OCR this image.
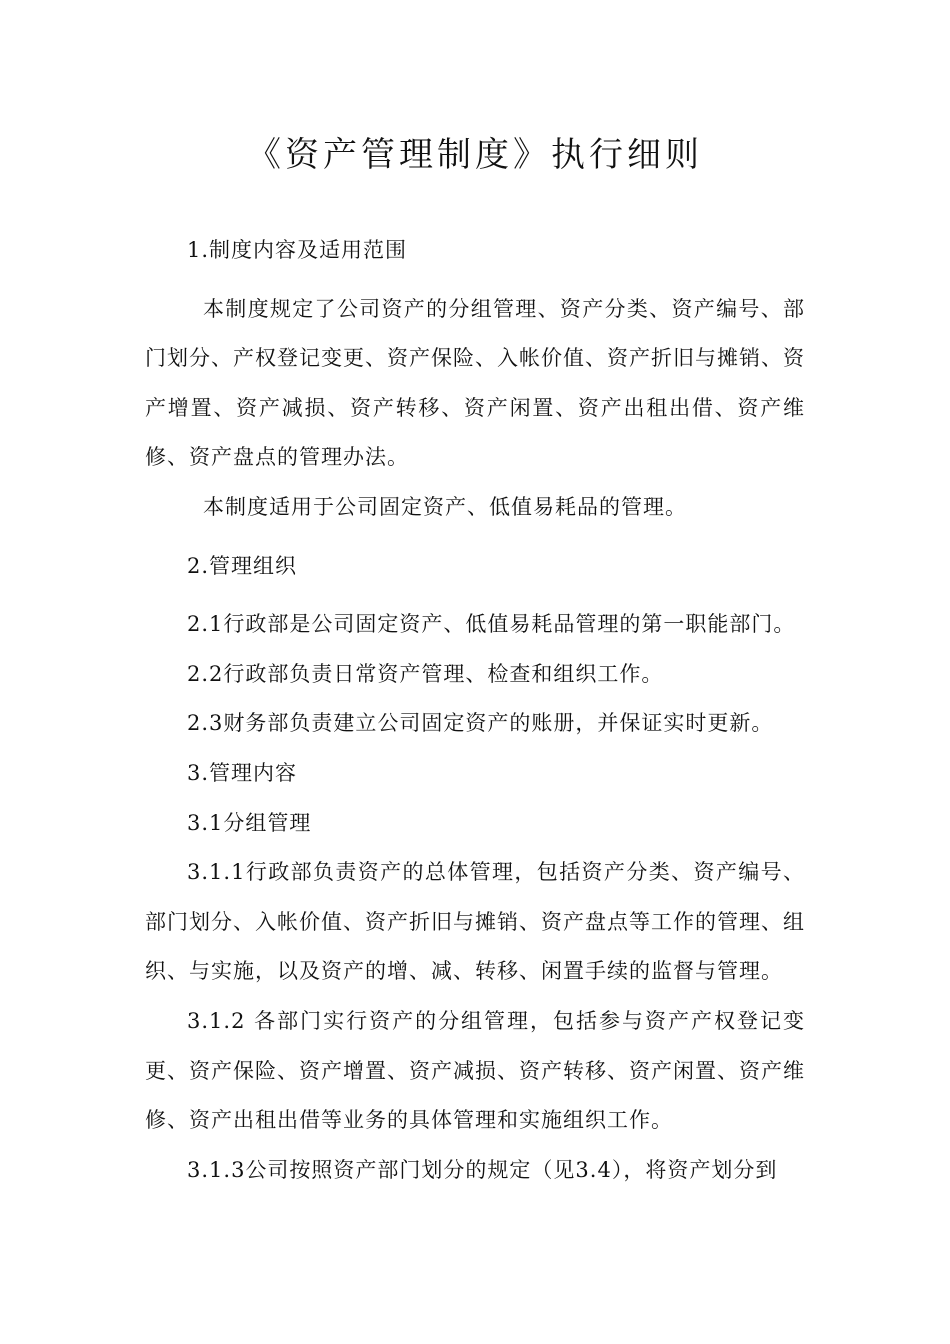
《资产管理制度》执行细则

1.制度内容及适用范围

本制度规定了公司资产的分组管理、资产分类、资产编号、部门划分、产权登记变更、资产保险、入帐价值、资产折旧与摊销、资产增置、资产减损、资产转移、资产闲置、资产出租出借、资产维修、资产盘点的管理办法。

本制度适用于公司固定资产、低值易耗品的管理。

2.管理组织

2.1行政部是公司固定资产、低值易耗品管理的第一职能部门。

2.2行政部负责日常资产管理、检查和组织工作。

2.3财务部负责建立公司固定资产的账册，并保证实时更新。

3.管理内容

3.1分组管理

3.1.1行政部负责资产的总体管理，包括资产分类、资产编号、部门划分、入帐价值、资产折旧与摊销、资产盘点等工作的管理、组织、与实施，以及资产的增、减、转移、闲置手续的监督与管理。

3.1.2 各部门实行资产的分组管理，包括参与资产产权登记变更、资产保险、资产增置、资产减损、资产转移、资产闲置、资产维修、资产出租出借等业务的具体管理和实施组织工作。

3.1.3公司按照资产部门划分的规定（见3.4），将资产划分到
